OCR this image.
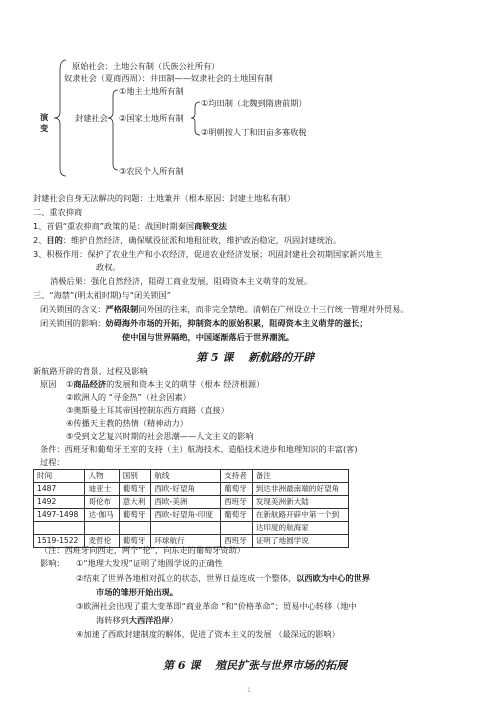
演
变
原始社会：土地公有制（氏族公社所有）
奴隶社会（夏商西周）：井田制——奴隶社会的土地国有制
封建社会
①地主土地所有制
②国家土地所有制
③农民个人所有制
①均田制（北魏到隋唐前期）
②明朝按人丁和田亩多寡收税
封建社会自身无法解决的问题：土地兼并（根本原因：封建土地私有制）
二、重农抑商
1、首倡“重农抑商”政策的是：战国时期秦国商鞅变法
2、目的：维护自然经济，确保赋役征派和地租征收，维护政治稳定，巩固封建统治。
3、积极作用：保护了农业生产和小农经济，促进农业经济发展；巩固封建社会初期国家新兴地主
政权。
消极后果：强化自然经济，阻碍工商业发展，阻碍资本主义萌芽的发展。
三、“海禁”(明太祖时期)与“闭关锁国”
闭关锁国的含义：严格限制同外国的往来，而非完全禁绝。清朝在广州设立十三行统一管理对外贸易。
闭关锁国的影响：妨碍海外市场的开拓，抑制资本的原始积累，阻碍资本主义萌芽的滋长；
使中国与世界隔绝，中国逐渐落后于世界潮流。
第 5 课　 新航路的开辟
新航路开辟的背景、过程及影响
原因 ①商品经济的发展和资本主义的萌芽（根本 经济根源）
②欧洲人的 “寻金热”（社会因素）
③奥斯曼土耳其帝国控制东西方商路（直接）
④传播天主教的热情（精神动力）
⑤受到文艺复兴时期的社会思潮——人文主义的影响
条件：西班牙和葡萄牙王室的支持（主）航海技术、造船技术进步和地理知识的丰富(客)
过程：
时间	人物	国别	航线	支持者	备注
1487	迪亚士	葡萄牙	西欧-好望角	葡萄牙	到达非洲最南端的好望角
1492	哥伦布	意大利	西欧-美洲	西班牙	发现美洲新大陆
1497-1498	达·伽马	葡萄牙	西欧-好望角-印度	葡萄牙	在新航路开辟中第一个到
					达印度的航海家
1519-1522	麦哲伦	葡萄牙	环球航行	西班牙	证明了地圆学说
（注：西班牙向西走，两个“伦”，向东走的葡萄牙资助）
影响： ①“地理大发现”证明了地圆学说的正确性
②结束了世界各地相对孤立的状态，世界日益连成一个整体，以西欧为中心的世界
市场的雏形开始出现。
③欧洲社会出现了重大变革即“商业革命 ”和“价格革命”；贸易中心转移（地中
海转移到大西洋沿岸）
④加速了西欧封建制度的解体，促进了资本主义的发展 （最深远的影响）
第 6 课　 殖民扩张与世界市场的拓展
1
